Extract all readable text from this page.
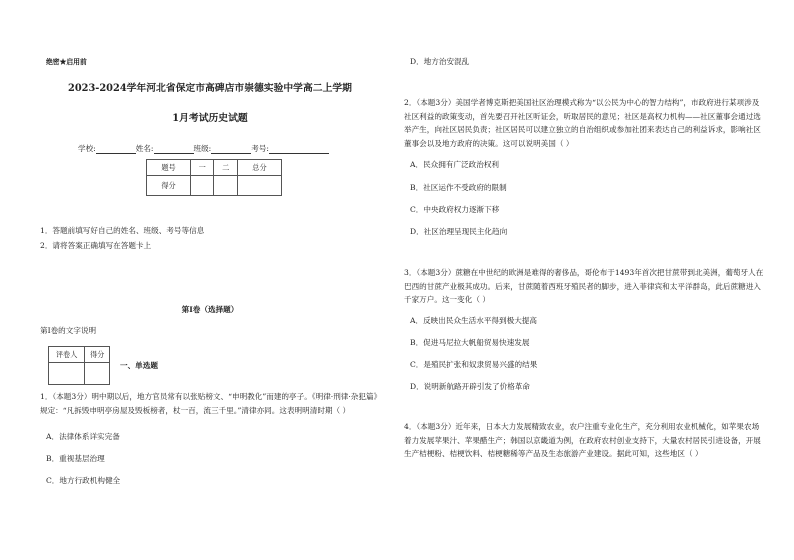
绝密★启用前
2023-2024学年河北省保定市高碑店市崇德实验中学高二上学期
1月考试历史试题
学校:	姓名:	班级:	考号:
题号	一	二	总分
得分			
1．答题前填写好自己的姓名、班级、考号等信息
2．请将答案正确填写在答题卡上
第I卷（选择题）
第I卷的文字说明
评卷人	得分

一、单选题
1．（本题3分）明中期以后，地方官员常有以张贴榜文、“申明教化”而建的亭子。《明律·刑律·杂犯篇》规定：“凡拆毁申明亭房屋及毁板榜者，杖一百，流三千里。”清律亦同。这表明明清时期（ ）
A．法律体系详实完备
B．重视基层治理
C．地方行政机构健全
D．地方治安混乱
2．（本题3分）美国学者博克斯把美国社区治理模式称为“以公民为中心的智力结构”，市政府进行某项涉及社区利益的政策变动，首先要召开社区听证会，听取居民的意见；社区是高权力机构——社区董事会通过选举产生，向社区居民负责；社区居民可以建立独立的自治组织或参加社团来表达自己的利益诉求，影响社区董事会以及地方政府的决策。这可以说明美国（ ）
A．民众拥有广泛政治权利
B．社区运作不受政府的限制
C．中央政府权力逐渐下移
D．社区治理呈现民主化趋向
3．（本题3分）蔗糖在中世纪的欧洲是难得的奢侈品，哥伦布于1493年首次把甘蔗带到北美洲，葡萄牙人在巴西的甘蔗产业极其成功。后来，甘蔗随着西班牙殖民者的脚步，进入菲律宾和太平洋群岛，此后蔗糖进入千家万户。这一变化（ ）
A．反映出民众生活水平得到极大提高
B．促进马尼拉大帆船贸易快速发展
C．是殖民扩张和奴隶贸易兴盛的结果
D．说明新航路开辟引发了价格革命
4．（本题3分）近年来，日本大力发展精致农业，农户注重专业化生产，充分利用农业机械化，如苹果农场着力发展苹果汁、苹果醋生产；韩国以京畿道为例，在政府农村创业支持下，大量农村居民引进设备，开展生产桔梗粉、桔梗饮料、桔梗糖稀等产品及生态旅游产业建设。据此可知，这些地区（ ）
